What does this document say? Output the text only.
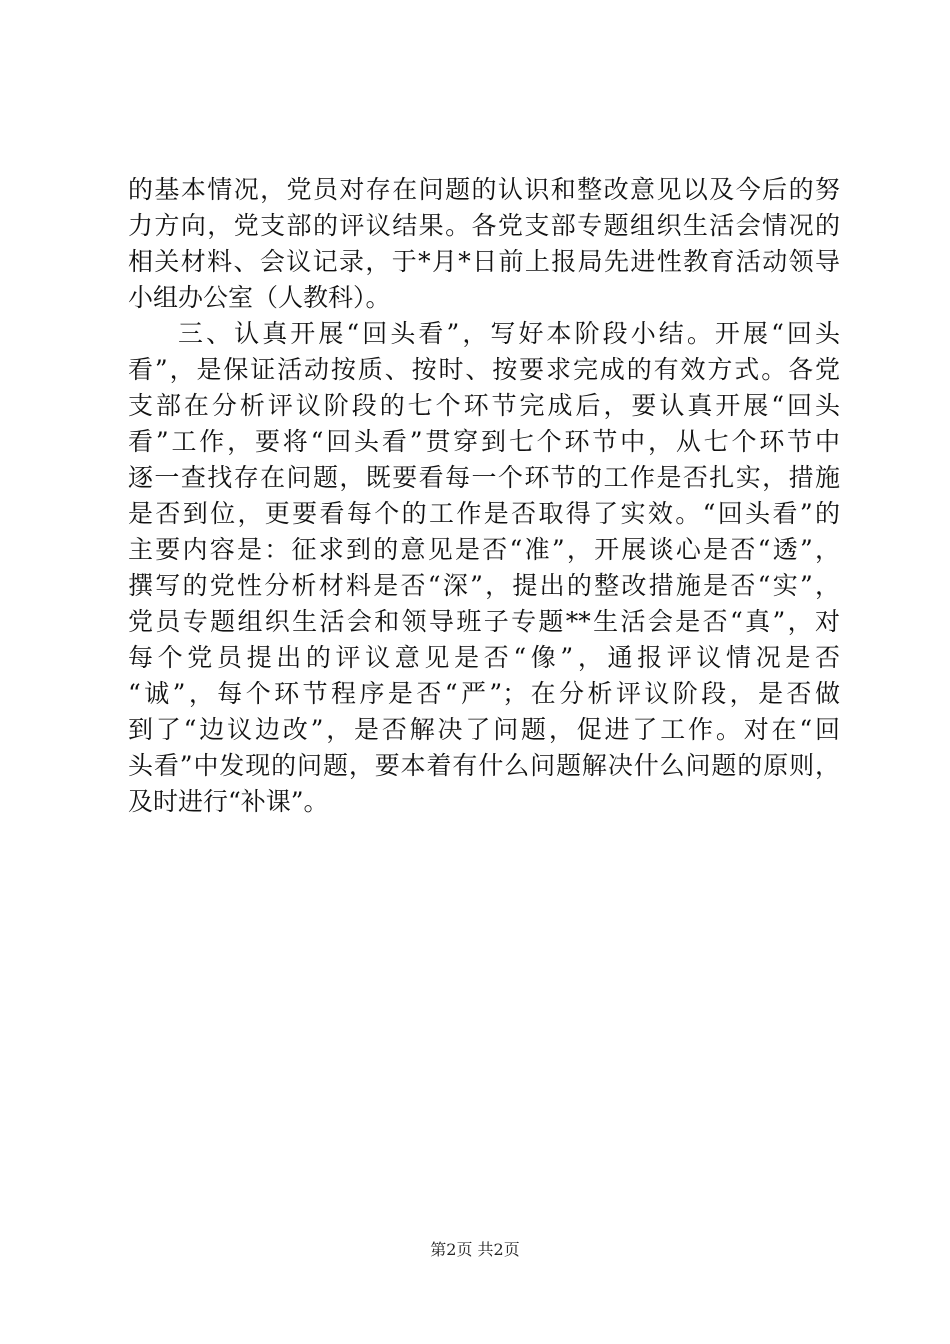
的基本情况，党员对存在问题的认识和整改意见以及今后的努
力方向，党支部的评议结果。各党支部专题组织生活会情况的
相关材料、会议记录，于*月*日前上报局先进性教育活动领导
小组办公室（人教科）。
三、认真开展“回头看”，写好本阶段小结。开展“回头
看”，是保证活动按质、按时、按要求完成的有效方式。各党
支部在分析评议阶段的七个环节完成后，要认真开展“回头
看”工作，要将“回头看”贯穿到七个环节中，从七个环节中
逐一查找存在问题，既要看每一个环节的工作是否扎实，措施
是否到位，更要看每个的工作是否取得了实效。“回头看”的
主要内容是：征求到的意见是否“准”，开展谈心是否“透”，
撰写的党性分析材料是否“深”，提出的整改措施是否“实”，
党员专题组织生活会和领导班子专题**生活会是否“真”，对
每个党员提出的评议意见是否“像”，通报评议情况是否
“诚”，每个环节程序是否“严”；在分析评议阶段，是否做
到了“边议边改”，是否解决了问题，促进了工作。对在“回
头看”中发现的问题，要本着有什么问题解决什么问题的原则，
及时进行“补课”。
第2页 共2页
